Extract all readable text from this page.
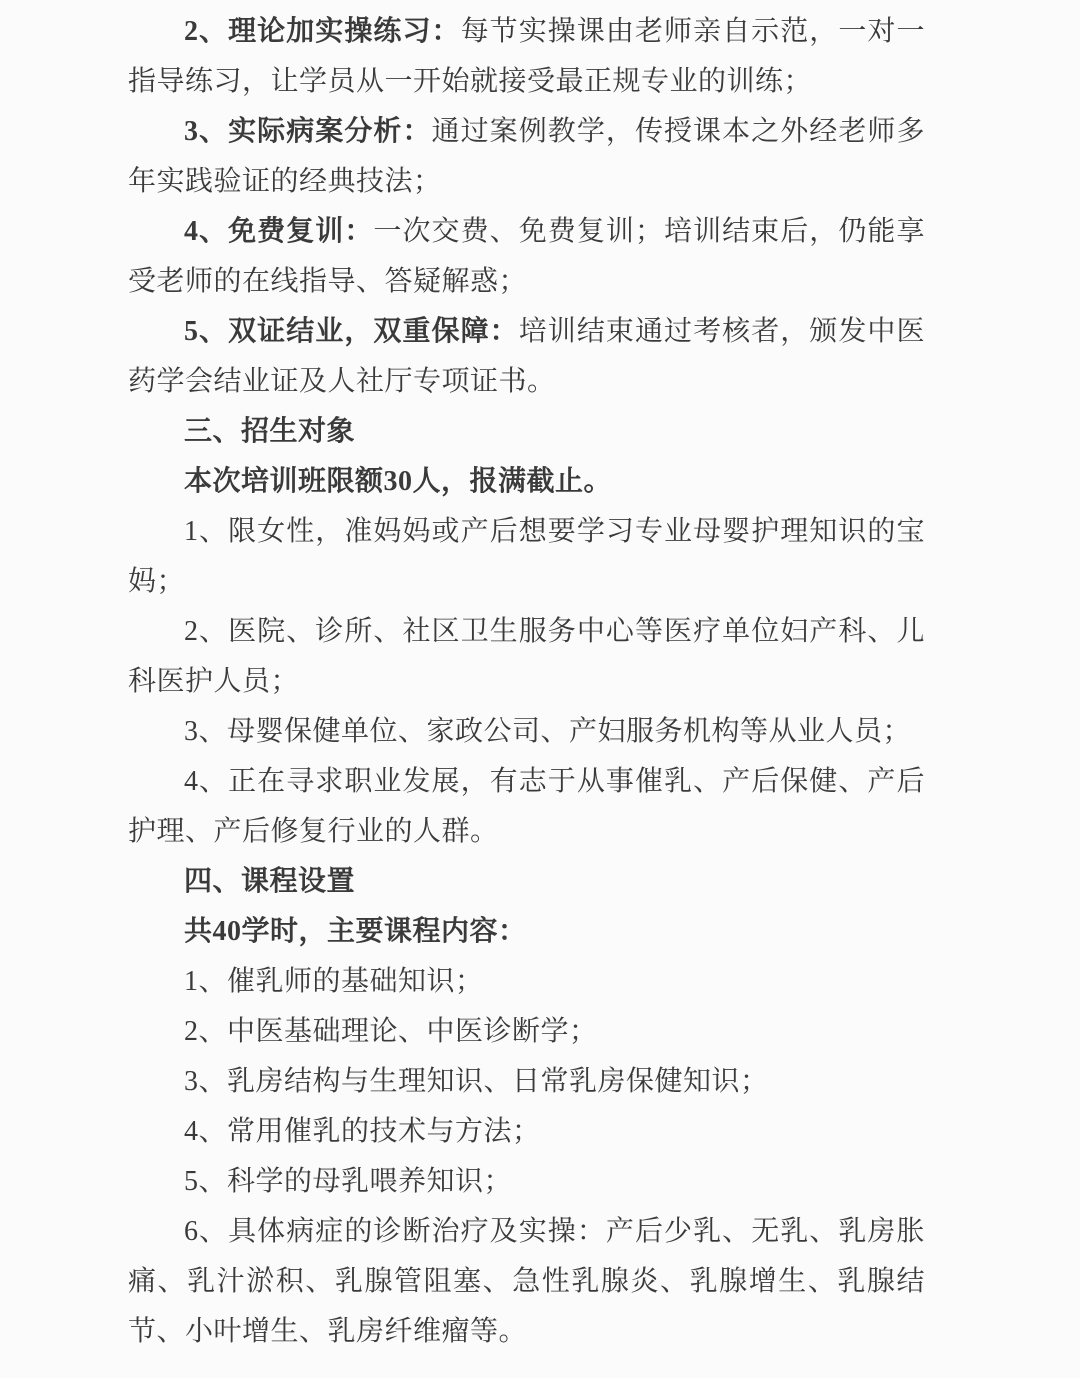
2、理论加实操练习：每节实操课由老师亲自示范，一对一指导练习，让学员从一开始就接受最正规专业的训练；

3、实际病案分析：通过案例教学，传授课本之外经老师多年实践验证的经典技法；

4、免费复训：一次交费、免费复训；培训结束后，仍能享受老师的在线指导、答疑解惑；

5、双证结业，双重保障：培训结束通过考核者，颁发中医药学会结业证及人社厅专项证书。

三、招生对象

本次培训班限额30人，报满截止。

1、限女性，准妈妈或产后想要学习专业母婴护理知识的宝妈；

2、医院、诊所、社区卫生服务中心等医疗单位妇产科、儿科医护人员；

3、母婴保健单位、家政公司、产妇服务机构等从业人员；

4、正在寻求职业发展，有志于从事催乳、产后保健、产后护理、产后修复行业的人群。

四、课程设置

共40学时，主要课程内容：

1、催乳师的基础知识；

2、中医基础理论、中医诊断学；

3、乳房结构与生理知识、日常乳房保健知识；

4、常用催乳的技术与方法；

5、科学的母乳喂养知识；

6、具体病症的诊断治疗及实操：产后少乳、无乳、乳房胀痛、乳汁淤积、乳腺管阻塞、急性乳腺炎、乳腺增生、乳腺结节、小叶增生、乳房纤维瘤等。
